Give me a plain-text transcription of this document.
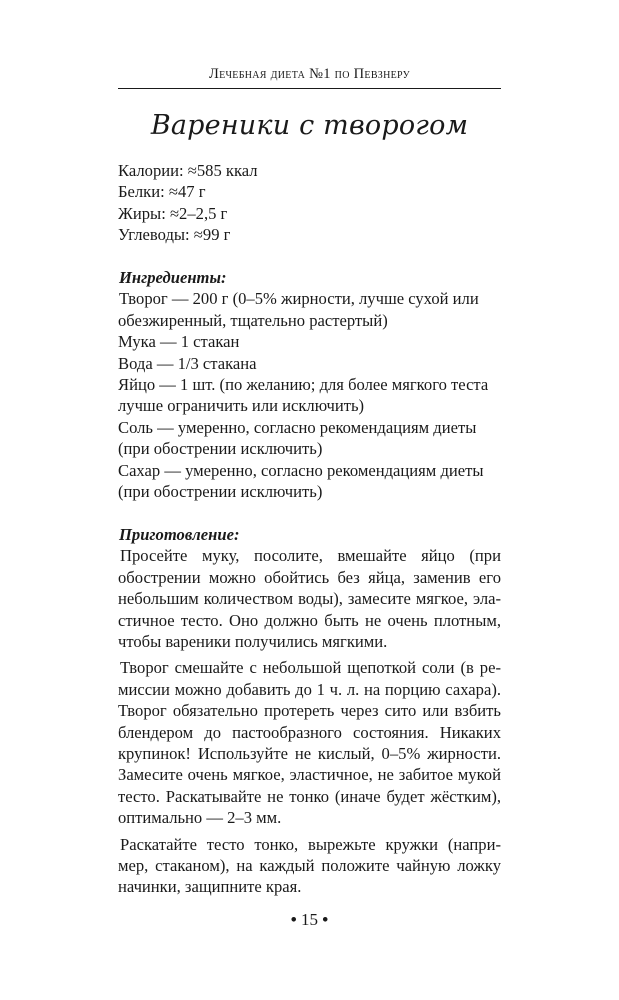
Лечебная диета №1 по Певзнеру
Вареники с творогом
Калории: ≈585 ккал
Белки: ≈47 г
Жиры: ≈2–2,5 г
Углеводы: ≈99 г
Ингредиенты:
Творог — 200 г (0–5% жирности, лучше сухой или
обезжиренный, тщательно растертый)
Мука — 1 стакан
Вода — 1/3 стакана
Яйцо — 1 шт. (по желанию; для более мягкого теста
лучше ограничить или исключить)
Соль — умеренно, согласно рекомендациям диеты
(при обострении исключить)
Сахар — умеренно, согласно рекомендациям диеты
(при обострении исключить)
Приготовление:
Просейте муку, посолите, вмешайте яйцо (при
обострении можно обойтись без яйца, заменив его
небольшим количеством воды), замесите мягкое, эла-
стичное тесто. Оно должно быть не очень плотным,
чтобы вареники получились мягкими.
Творог смешайте с небольшой щепоткой соли (в ре-
миссии можно добавить до 1 ч. л. на порцию сахара).
Творог обязательно протереть через сито или взбить
блендером до пастообразного состояния. Никаких
крупинок! Используйте не кислый, 0–5% жирности.
Замесите очень мягкое, эластичное, не забитое мукой
тесто. Раскатывайте не тонко (иначе будет жёстким),
оптимально — 2–3 мм.
Раскатайте тесто тонко, вырежьте кружки (напри-
мер, стаканом), на каждый положите чайную ложку
начинки, защипните края.
• 15 •
